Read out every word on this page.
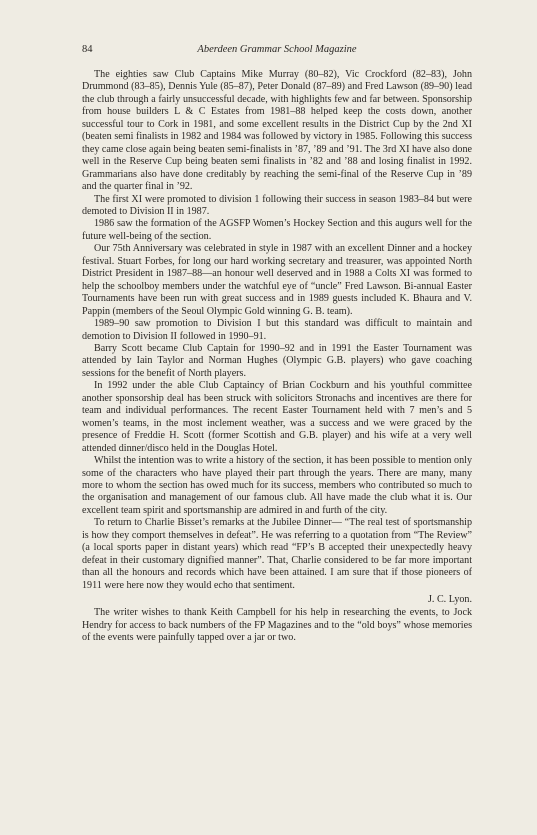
84	Aberdeen Grammar School Magazine

The eighties saw Club Captains Mike Murray (80–82), Vic Crockford (82–83), John Drummond (83–85), Dennis Yule (85–87), Peter Donald (87–89) and Fred Lawson (89–90) lead the club through a fairly unsuccessful decade, with highlights few and far between. Sponsorship from house builders L & C Estates from 1981–88 helped keep the costs down, another successful tour to Cork in 1981, and some excellent results in the District Cup by the 2nd XI (beaten semi finalists in 1982 and 1984 was followed by victory in 1985. Following this success they came close again being beaten semi-finalists in ’87, ’89 and ’91. The 3rd XI have also done well in the Reserve Cup being beaten semi finalists in ’82 and ’88 and losing finalist in 1992. Grammarians also have done creditably by reaching the semi-final of the Reserve Cup in ’89 and the quarter final in ’92.

The first XI were promoted to division 1 following their success in season 1983–84 but were demoted to Division II in 1987.

1986 saw the formation of the AGSFP Women’s Hockey Section and this augurs well for the future well-being of the section.

Our 75th Anniversary was celebrated in style in 1987 with an excellent Dinner and a hockey festival. Stuart Forbes, for long our hard working secretary and treasurer, was appointed North District President in 1987–88—an honour well deserved and in 1988 a Colts XI was formed to help the schoolboy members under the watchful eye of “uncle” Fred Lawson. Bi-annual Easter Tournaments have been run with great success and in 1989 guests included K. Bhaura and V. Pappin (members of the Seoul Olympic Gold winning G. B. team).

1989–90 saw promotion to Division I but this standard was difficult to maintain and demotion to Division II followed in 1990–91.

Barry Scott became Club Captain for 1990–92 and in 1991 the Easter Tournament was attended by Iain Taylor and Norman Hughes (Olympic G.B. players) who gave coaching sessions for the benefit of North players.

In 1992 under the able Club Captaincy of Brian Cockburn and his youthful committee another sponsorship deal has been struck with solicitors Stronachs and incentives are there for team and individual performances. The recent Easter Tournament held with 7 men’s and 5 women’s teams, in the most inclement weather, was a success and we were graced by the presence of Freddie H. Scott (former Scottish and G.B. player) and his wife at a very well attended dinner/disco held in the Douglas Hotel.

Whilst the intention was to write a history of the section, it has been possible to mention only some of the characters who have played their part through the years. There are many, many more to whom the section has owed much for its success, members who contributed so much to the organisation and management of our famous club. All have made the club what it is. Our excellent team spirit and sportsmanship are admired in and furth of the city.

To return to Charlie Bisset’s remarks at the Jubilee Dinner— “The real test of sportsmanship is how they comport themselves in defeat”. He was referring to a quotation from “The Review” (a local sports paper in distant years) which read “FP’s B accepted their unexpectedly heavy defeat in their customary dignified manner”. That, Charlie considered to be far more important than all the honours and records which have been attained. I am sure that if those pioneers of 1911 were here now they would echo that sentiment.

J. C. Lyon.

The writer wishes to thank Keith Campbell for his help in researching the events, to Jock Hendry for access to back numbers of the FP Magazines and to the “old boys” whose memories of the events were painfully tapped over a jar or two.
